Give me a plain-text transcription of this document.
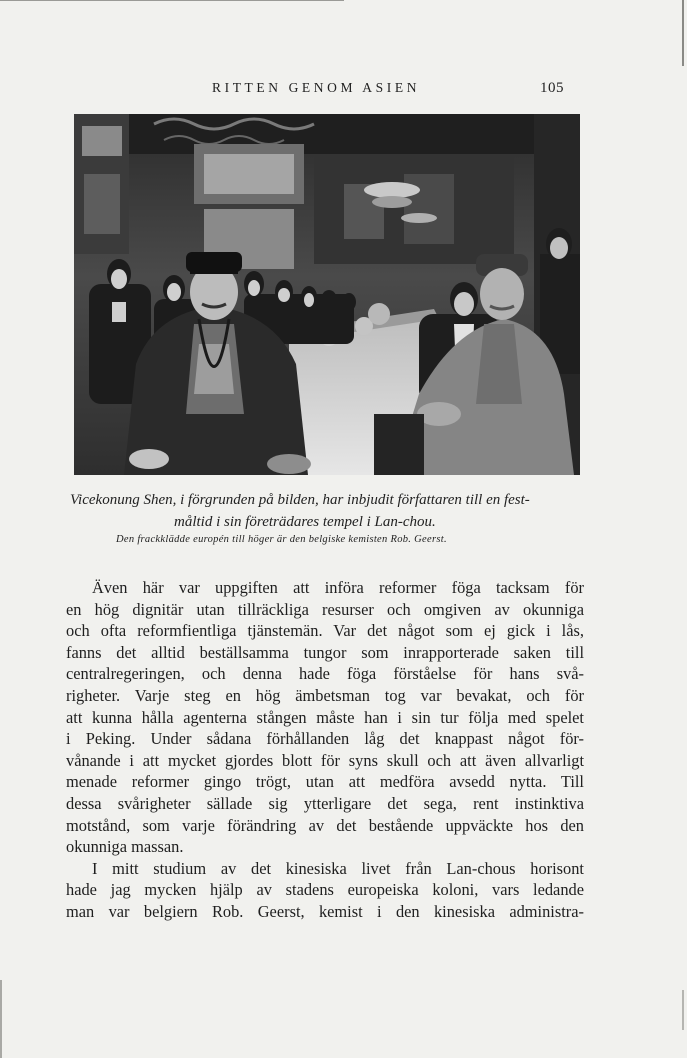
RITTEN GENOM ASIEN	105
Vicekonung Shen, i förgrunden på bilden, har inbjudit författaren till en fest-
måltid i sin företrädares tempel i Lan-chou.
Den frackklädde europén till höger är den belgiske kemisten Rob. Geerst.

Även här var uppgiften att införa reformer föga tacksam för
en hög dignitär utan tillräckliga resurser och omgiven av okunniga
och ofta reformfientliga tjänstemän. Var det något som ej gick i lås,
fanns det alltid beställsamma tungor som inrapporterade saken till
centralregeringen, och denna hade föga förståelse för hans svå-
righeter. Varje steg en hög ämbetsman tog var bevakat, och för
att kunna hålla agenterna stången måste han i sin tur följa med spelet
i Peking. Under sådana förhållanden låg det knappast något för-
vånande i att mycket gjordes blott för syns skull och att även allvarligt
menade reformer gingo trögt, utan att medföra avsedd nytta. Till
dessa svårigheter sällade sig ytterligare det sega, rent instinktiva
motstånd, som varje förändring av det bestående uppväckte hos den

okunniga massan.

I mitt studium av det kinesiska livet från Lan-chous horisont
hade jag mycken hjälp av stadens europeiska koloni, vars ledande
man var belgiern Rob. Geerst, kemist i den kinesiska administra-
